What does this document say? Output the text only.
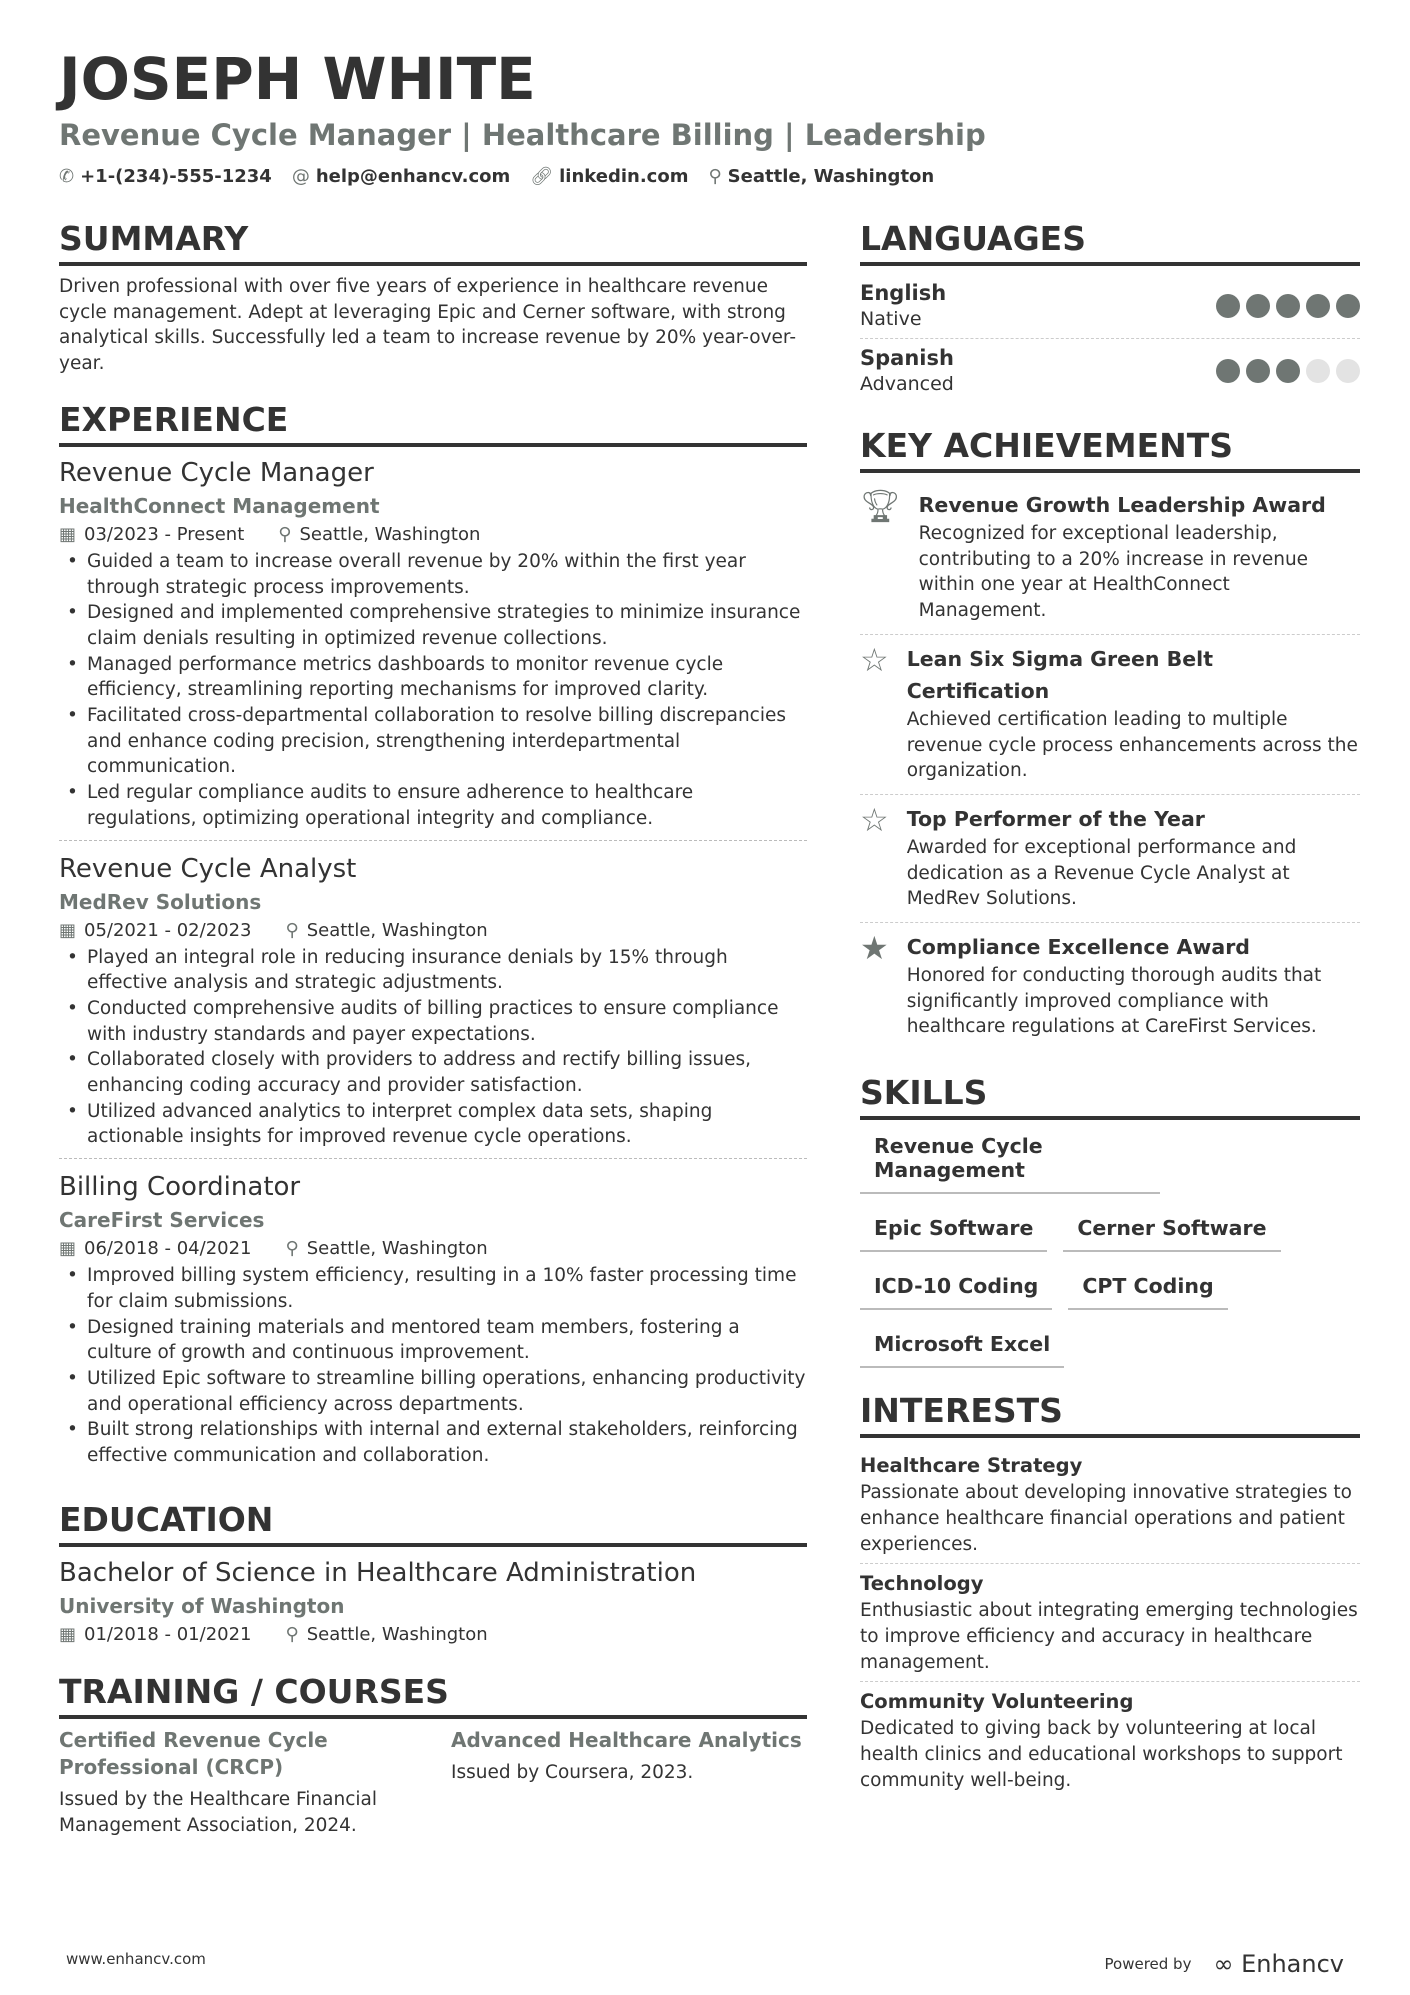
JOSEPH WHITE
Revenue Cycle Manager | Healthcare Billing | Leadership
✆ +1-(234)-555-1234 @ help@enhancv.com 🔗︎ linkedin.com ⚲ Seattle, Washington
SUMMARY
Driven professional with over five years of experience in healthcare revenue cycle management. Adept at leveraging Epic and Cerner software, with strong analytical skills. Successfully led a team to increase revenue by 20% year-over-year.
EXPERIENCE
Revenue Cycle Manager
HealthConnect Management
▦ 03/2023 - Present ⚲ Seattle, Washington
• Guided a team to increase overall revenue by 20% within the first year through strategic process improvements.
• Designed and implemented comprehensive strategies to minimize insurance claim denials resulting in optimized revenue collections.
• Managed performance metrics dashboards to monitor revenue cycle efficiency, streamlining reporting mechanisms for improved clarity.
• Facilitated cross-departmental collaboration to resolve billing discrepancies and enhance coding precision, strengthening interdepartmental communication.
• Led regular compliance audits to ensure adherence to healthcare regulations, optimizing operational integrity and compliance.
Revenue Cycle Analyst
MedRev Solutions
▦ 05/2021 - 02/2023 ⚲ Seattle, Washington
• Played an integral role in reducing insurance denials by 15% through effective analysis and strategic adjustments.
• Conducted comprehensive audits of billing practices to ensure compliance with industry standards and payer expectations.
• Collaborated closely with providers to address and rectify billing issues, enhancing coding accuracy and provider satisfaction.
• Utilized advanced analytics to interpret complex data sets, shaping actionable insights for improved revenue cycle operations.
Billing Coordinator
CareFirst Services
▦ 06/2018 - 04/2021 ⚲ Seattle, Washington
• Improved billing system efficiency, resulting in a 10% faster processing time for claim submissions.
• Designed training materials and mentored team members, fostering a culture of growth and continuous improvement.
• Utilized Epic software to streamline billing operations, enhancing productivity and operational efficiency across departments.
• Built strong relationships with internal and external stakeholders, reinforcing effective communication and collaboration.
EDUCATION
Bachelor of Science in Healthcare Administration
University of Washington
▦ 01/2018 - 01/2021 ⚲ Seattle, Washington
TRAINING / COURSES
Certified Revenue Cycle Professional (CRCP)
Issued by the Healthcare Financial Management Association, 2024.
Advanced Healthcare Analytics
Issued by Coursera, 2023.
LANGUAGES
English
Native
Spanish
Advanced
KEY ACHIEVEMENTS
🏆︎ Revenue Growth Leadership Award
Recognized for exceptional leadership, contributing to a 20% increase in revenue within one year at HealthConnect Management.
☆ Lean Six Sigma Green Belt Certification
Achieved certification leading to multiple revenue cycle process enhancements across the organization.
☆ Top Performer of the Year
Awarded for exceptional performance and dedication as a Revenue Cycle Analyst at MedRev Solutions.
★ Compliance Excellence Award
Honored for conducting thorough audits that significantly improved compliance with healthcare regulations at CareFirst Services.
SKILLS
Revenue Cycle Management
Epic Software	Cerner Software
ICD-10 Coding	CPT Coding
Microsoft Excel
INTERESTS
Healthcare Strategy
Passionate about developing innovative strategies to enhance healthcare financial operations and patient experiences.
Technology
Enthusiastic about integrating emerging technologies to improve efficiency and accuracy in healthcare management.
Community Volunteering
Dedicated to giving back by volunteering at local health clinics and educational workshops to support community well-being.
www.enhancv.com	Powered by ∞ Enhancv
